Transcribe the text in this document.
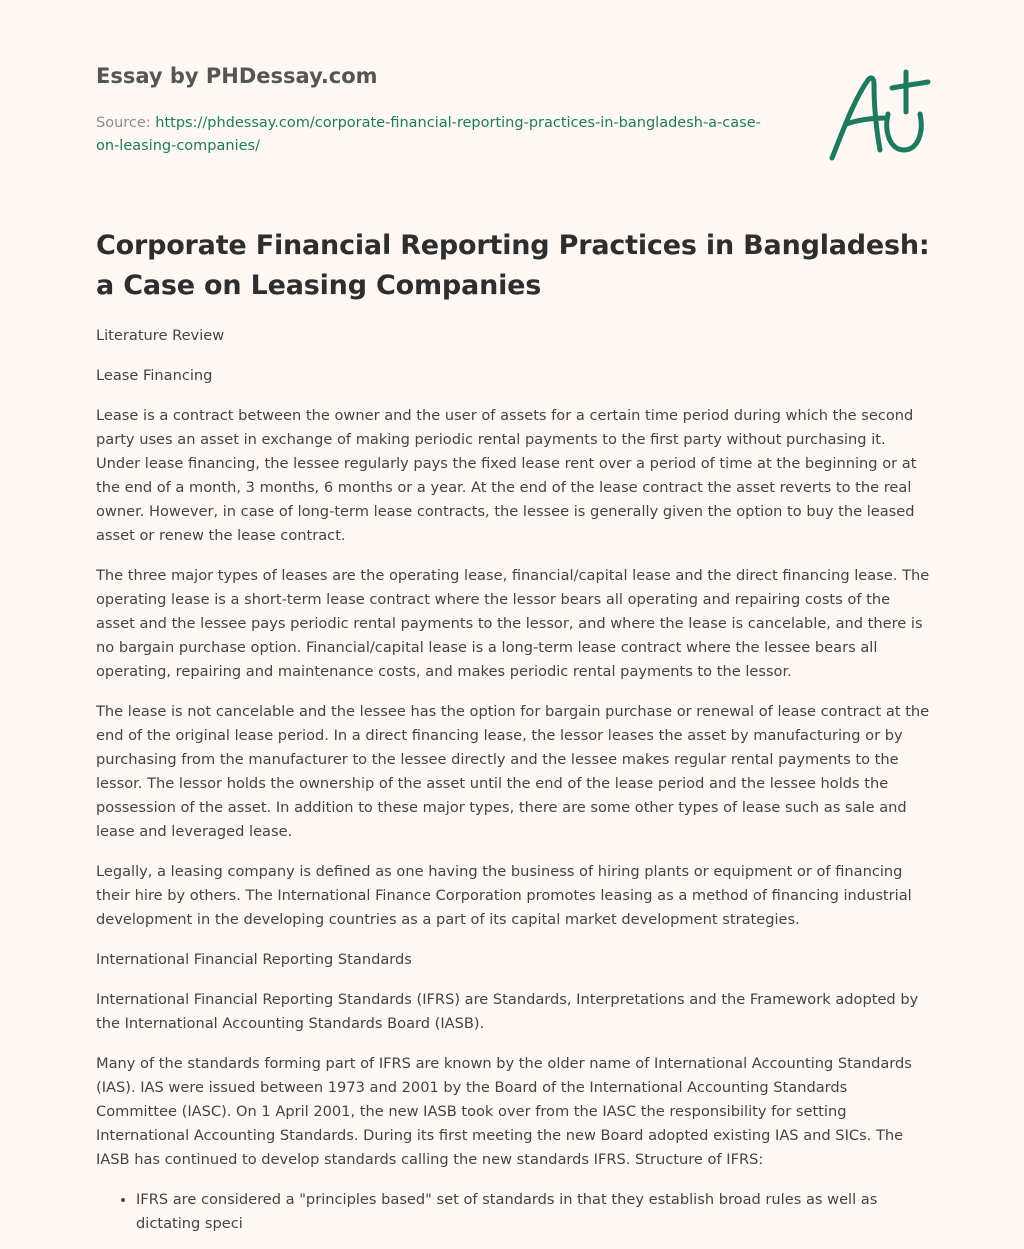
Essay by PHDessay.com
Source: https://phdessay.com/corporate-financial-reporting-practices-in-bangladesh-a-case-on-leasing-companies/
Corporate Financial Reporting Practices in Bangladesh: a Case on Leasing Companies

Literature Review

Lease Financing

Lease is a contract between the owner and the user of assets for a certain time period during which the second party uses an asset in exchange of making periodic rental payments to the first party without purchasing it. Under lease financing, the lessee regularly pays the fixed lease rent over a period of time at the beginning or at the end of a month, 3 months, 6 months or a year. At the end of the lease contract the asset reverts to the real owner. However, in case of long-term lease contracts, the lessee is generally given the option to buy the leased asset or renew the lease contract.

The three major types of leases are the operating lease, financial/capital lease and the direct financing lease. The operating lease is a short-term lease contract where the lessor bears all operating and repairing costs of the asset and the lessee pays periodic rental payments to the lessor, and where the lease is cancelable, and there is no bargain purchase option. Financial/capital lease is a long-term lease contract where the lessee bears all operating, repairing and maintenance costs, and makes periodic rental payments to the lessor.

The lease is not cancelable and the lessee has the option for bargain purchase or renewal of lease contract at the end of the original lease period. In a direct financing lease, the lessor leases the asset by manufacturing or by purchasing from the manufacturer to the lessee directly and the lessee makes regular rental payments to the lessor. The lessor holds the ownership of the asset until the end of the lease period and the lessee holds the possession of the asset. In addition to these major types, there are some other types of lease such as sale and lease and leveraged lease.

Legally, a leasing company is defined as one having the business of hiring plants or equipment or of financing their hire by others. The International Finance Corporation promotes leasing as a method of financing industrial development in the developing countries as a part of its capital market development strategies.

International Financial Reporting Standards

International Financial Reporting Standards (IFRS) are Standards, Interpretations and the Framework adopted by the International Accounting Standards Board (IASB).

Many of the standards forming part of IFRS are known by the older name of International Accounting Standards (IAS). IAS were issued between 1973 and 2001 by the Board of the International Accounting Standards Committee (IASC). On 1 April 2001, the new IASB took over from the IASC the responsibility for setting International Accounting Standards. During its first meeting the new Board adopted existing IAS and SICs. The IASB has continued to develop standards calling the new standards IFRS. Structure of IFRS:

• IFRS are considered a "principles based" set of standards in that they establish broad rules as well as dictating speci
